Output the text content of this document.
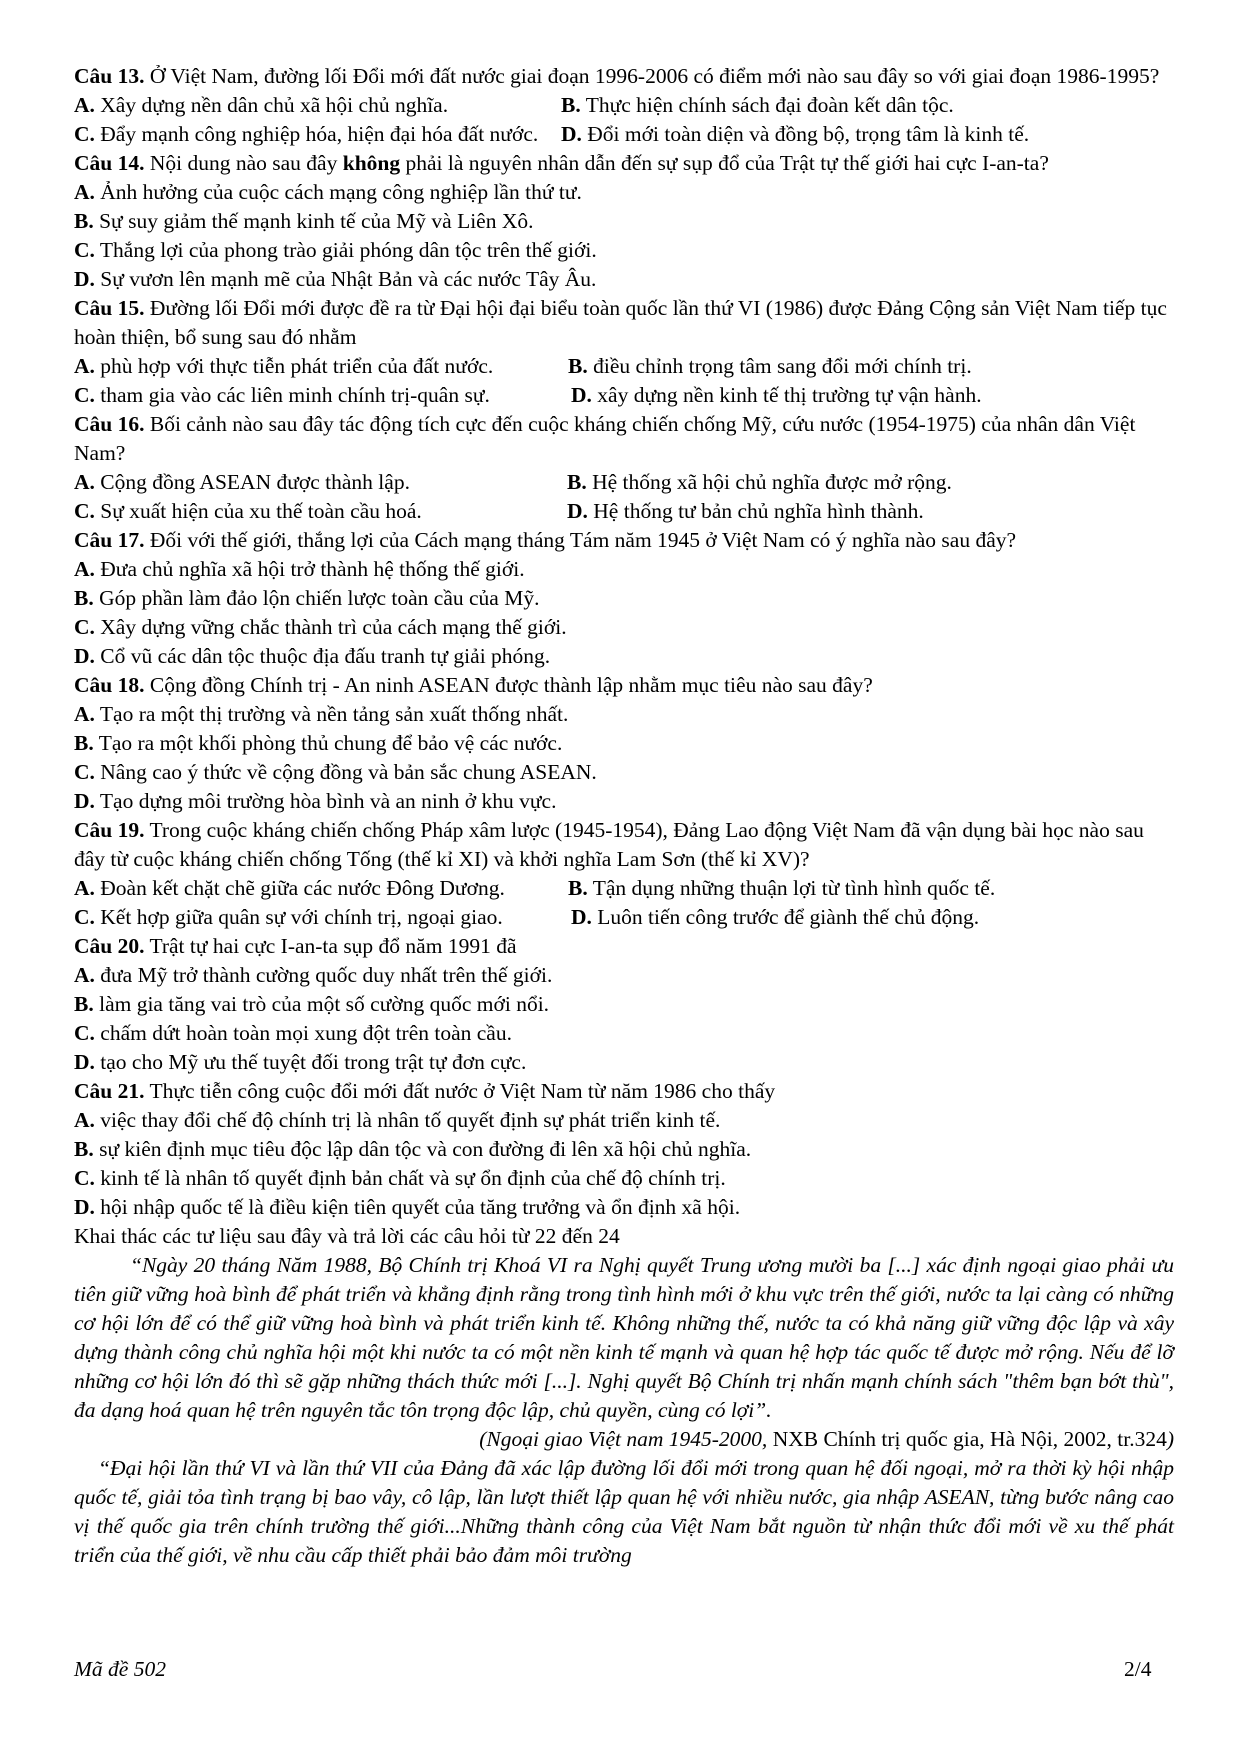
Câu 13. Ở Việt Nam, đường lối Đổi mới đất nước giai đoạn 1996-2006 có điểm mới nào sau đây so với giai đoạn 1986-1995?
A. Xây dựng nền dân chủ xã hội chủ nghĩa.	B. Thực hiện chính sách đại đoàn kết dân tộc.
C. Đẩy mạnh công nghiệp hóa, hiện đại hóa đất nước. D. Đổi mới toàn diện và đồng bộ, trọng tâm là kinh tế.
Câu 14. Nội dung nào sau đây không phải là nguyên nhân dẫn đến sự sụp đổ của Trật tự thế giới hai cực I-an-ta?
A. Ảnh hưởng của cuộc cách mạng công nghiệp lần thứ tư.
B. Sự suy giảm thế mạnh kinh tế của Mỹ và Liên Xô.
C. Thắng lợi của phong trào giải phóng dân tộc trên thế giới.
D. Sự vươn lên mạnh mẽ của Nhật Bản và các nước Tây Âu.
Câu 15. Đường lối Đổi mới được đề ra từ Đại hội đại biểu toàn quốc lần thứ VI (1986) được Đảng Cộng sản Việt Nam tiếp tục hoàn thiện, bổ sung sau đó nhằm
A. phù hợp với thực tiễn phát triển của đất nước.	B. điều chỉnh trọng tâm sang đổi mới chính trị.
C. tham gia vào các liên minh chính trị-quân sự.	D. xây dựng nền kinh tế thị trường tự vận hành.
Câu 16. Bối cảnh nào sau đây tác động tích cực đến cuộc kháng chiến chống Mỹ, cứu nước (1954-1975) của nhân dân Việt Nam?
A. Cộng đồng ASEAN được thành lập.	B. Hệ thống xã hội chủ nghĩa được mở rộng.
C. Sự xuất hiện của xu thế toàn cầu hoá.	D. Hệ thống tư bản chủ nghĩa hình thành.
Câu 17. Đối với thế giới, thắng lợi của Cách mạng tháng Tám năm 1945 ở Việt Nam có ý nghĩa nào sau đây?
A. Đưa chủ nghĩa xã hội trở thành hệ thống thế giới.
B. Góp phần làm đảo lộn chiến lược toàn cầu của Mỹ.
C. Xây dựng vững chắc thành trì của cách mạng thế giới.
D. Cổ vũ các dân tộc thuộc địa đấu tranh tự giải phóng.
Câu 18. Cộng đồng Chính trị - An ninh ASEAN được thành lập nhằm mục tiêu nào sau đây?
A. Tạo ra một thị trường và nền tảng sản xuất thống nhất.
B. Tạo ra một khối phòng thủ chung để bảo vệ các nước.
C. Nâng cao ý thức về cộng đồng và bản sắc chung ASEAN.
D. Tạo dựng môi trường hòa bình và an ninh ở khu vực.
Câu 19. Trong cuộc kháng chiến chống Pháp xâm lược (1945-1954), Đảng Lao động Việt Nam đã vận dụng bài học nào sau đây từ cuộc kháng chiến chống Tống (thế kỉ XI) và khởi nghĩa Lam Sơn (thế kỉ XV)?
A. Đoàn kết chặt chẽ giữa các nước Đông Dương.	B. Tận dụng những thuận lợi từ tình hình quốc tế.
C. Kết hợp giữa quân sự với chính trị, ngoại giao.	D. Luôn tiến công trước để giành thế chủ động.
Câu 20. Trật tự hai cực I-an-ta sụp đổ năm 1991 đã
A. đưa Mỹ trở thành cường quốc duy nhất trên thế giới.
B. làm gia tăng vai trò của một số cường quốc mới nổi.
C. chấm dứt hoàn toàn mọi xung đột trên toàn cầu.
D. tạo cho Mỹ ưu thế tuyệt đối trong trật tự đơn cực.
Câu 21. Thực tiễn công cuộc đổi mới đất nước ở Việt Nam từ năm 1986 cho thấy
A. việc thay đổi chế độ chính trị là nhân tố quyết định sự phát triển kinh tế.
B. sự kiên định mục tiêu độc lập dân tộc và con đường đi lên xã hội chủ nghĩa.
C. kinh tế là nhân tố quyết định bản chất và sự ổn định của chế độ chính trị.
D. hội nhập quốc tế là điều kiện tiên quyết của tăng trưởng và ổn định xã hội.
Khai thác các tư liệu sau đây và trả lời các câu hỏi từ 22 đến 24
“Ngày 20 tháng Năm 1988, Bộ Chính trị Khoá VI ra Nghị quyết Trung ương mười ba [...] xác định ngoại giao phải ưu tiên giữ vững hoà bình để phát triển và khẳng định rằng trong tình hình mới ở khu vực trên thế giới, nước ta lại càng có những cơ hội lớn để có thể giữ vững hoà bình và phát triển kinh tế. Không những thế, nước ta có khả năng giữ vững độc lập và xây dựng thành công chủ nghĩa hội một khi nước ta có một nền kinh tế mạnh và quan hệ hợp tác quốc tế được mở rộng. Nếu để lỡ những cơ hội lớn đó thì sẽ gặp những thách thức mới [...]. Nghị quyết Bộ Chính trị nhấn mạnh chính sách "thêm bạn bớt thù", đa dạng hoá quan hệ trên nguyên tắc tôn trọng độc lập, chủ quyền, cùng có lợi”.
(Ngoại giao Việt nam 1945-2000, NXB Chính trị quốc gia, Hà Nội, 2002, tr.324)
“Đại hội lần thứ VI và lần thứ VII của Đảng đã xác lập đường lối đổi mới trong quan hệ đối ngoại, mở ra thời kỳ hội nhập quốc tế, giải tỏa tình trạng bị bao vây, cô lập, lần lượt thiết lập quan hệ với nhiều nước, gia nhập ASEAN, từng bước nâng cao vị thế quốc gia trên chính trường thế giới...Những thành công của Việt Nam bắt nguồn từ nhận thức đổi mới về xu thế phát triển của thế giới, về nhu cầu cấp thiết phải bảo đảm môi trường
Mã đề 502	2/4
